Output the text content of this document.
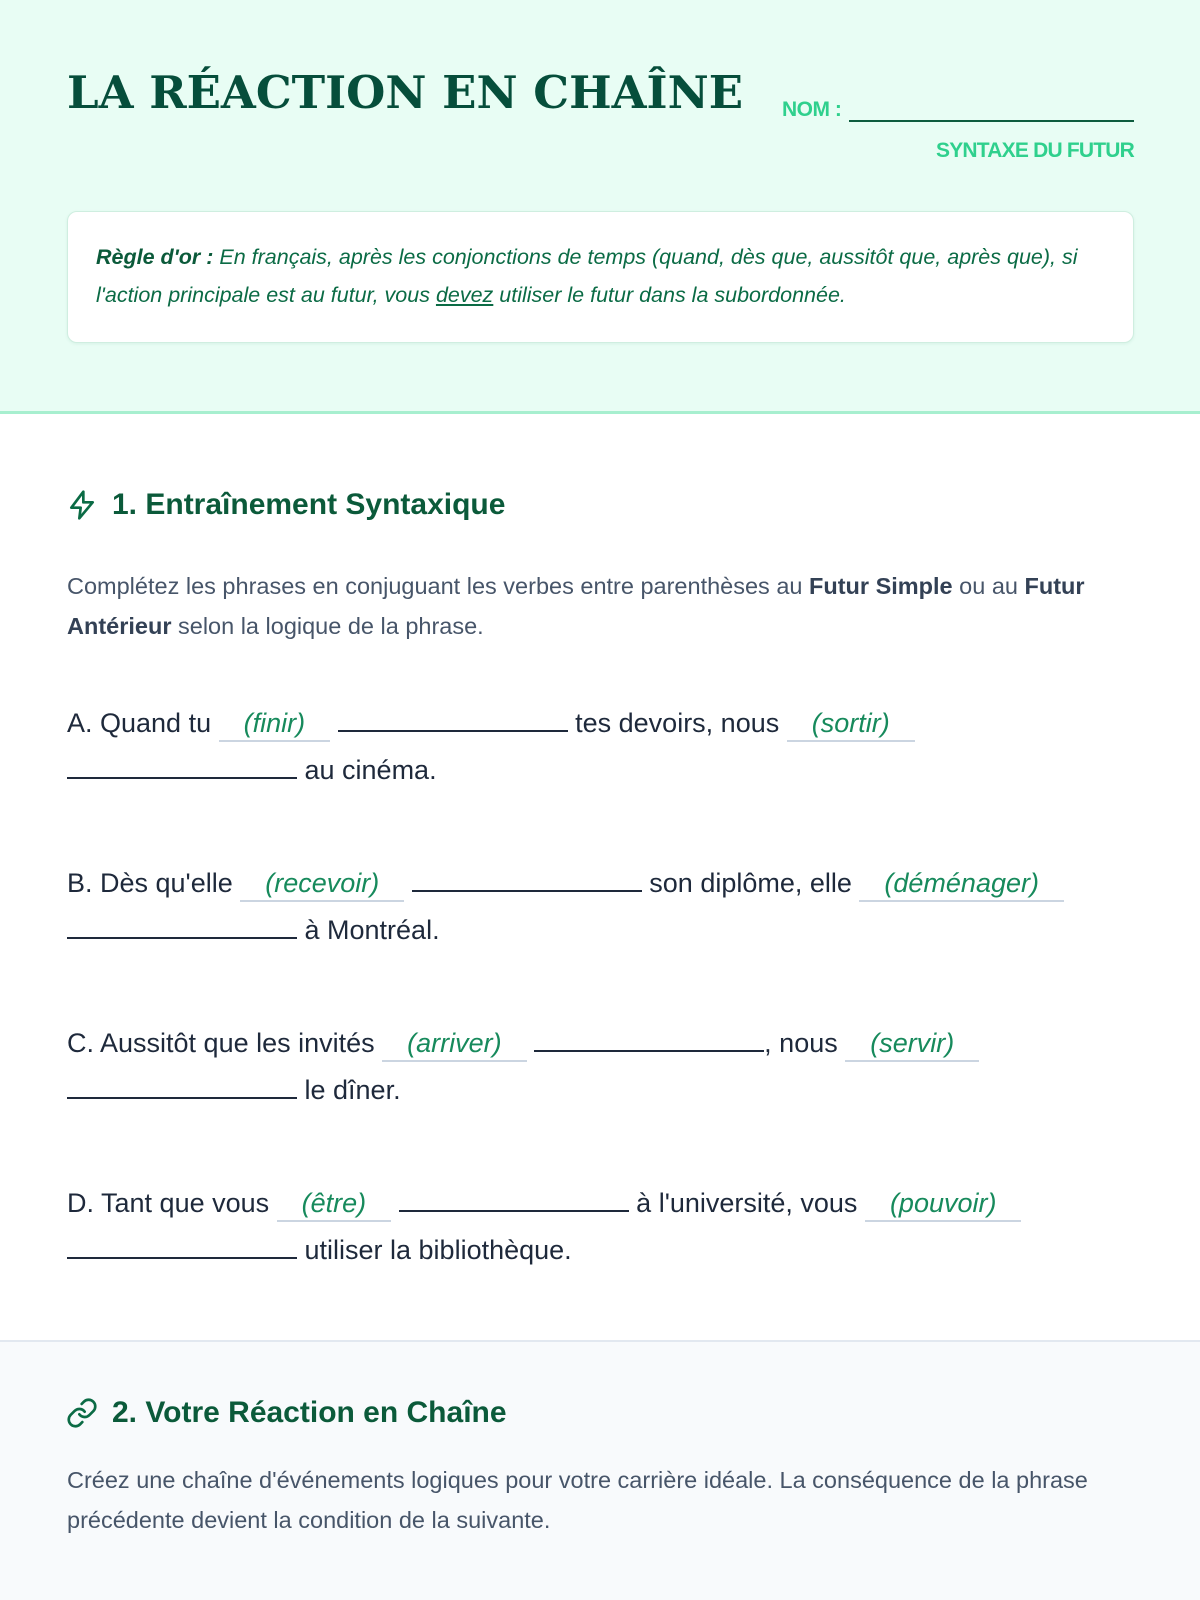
LA RÉACTION EN CHAÎNE NOM :
SYNTAXE DU FUTUR
Règle d'or : En français, après les conjonctions de temps (quand, dès que, aussitôt que, après que), si l'action principale est au futur, vous devez utiliser le futur dans la subordonnée.
1. Entraînement Syntaxique

Complétez les phrases en conjuguant les verbes entre parenthèses au Futur Simple ou au Futur Antérieur selon la logique de la phrase.

A. Quand tu (finir)	tes devoirs, nous (sortir)
au cinéma.

B. Dès qu'elle (recevoir)	son diplôme, elle (déménager)
à Montréal.

C. Aussitôt que les invités (arriver)	, nous (servir)
le dîner.

D. Tant que vous (être)	à l'université, vous (pouvoir)
utiliser la bibliothèque.

2. Votre Réaction en Chaîne

Créez une chaîne d'événements logiques pour votre carrière idéale. La conséquence de la phrase précédente devient la condition de la suivante.
